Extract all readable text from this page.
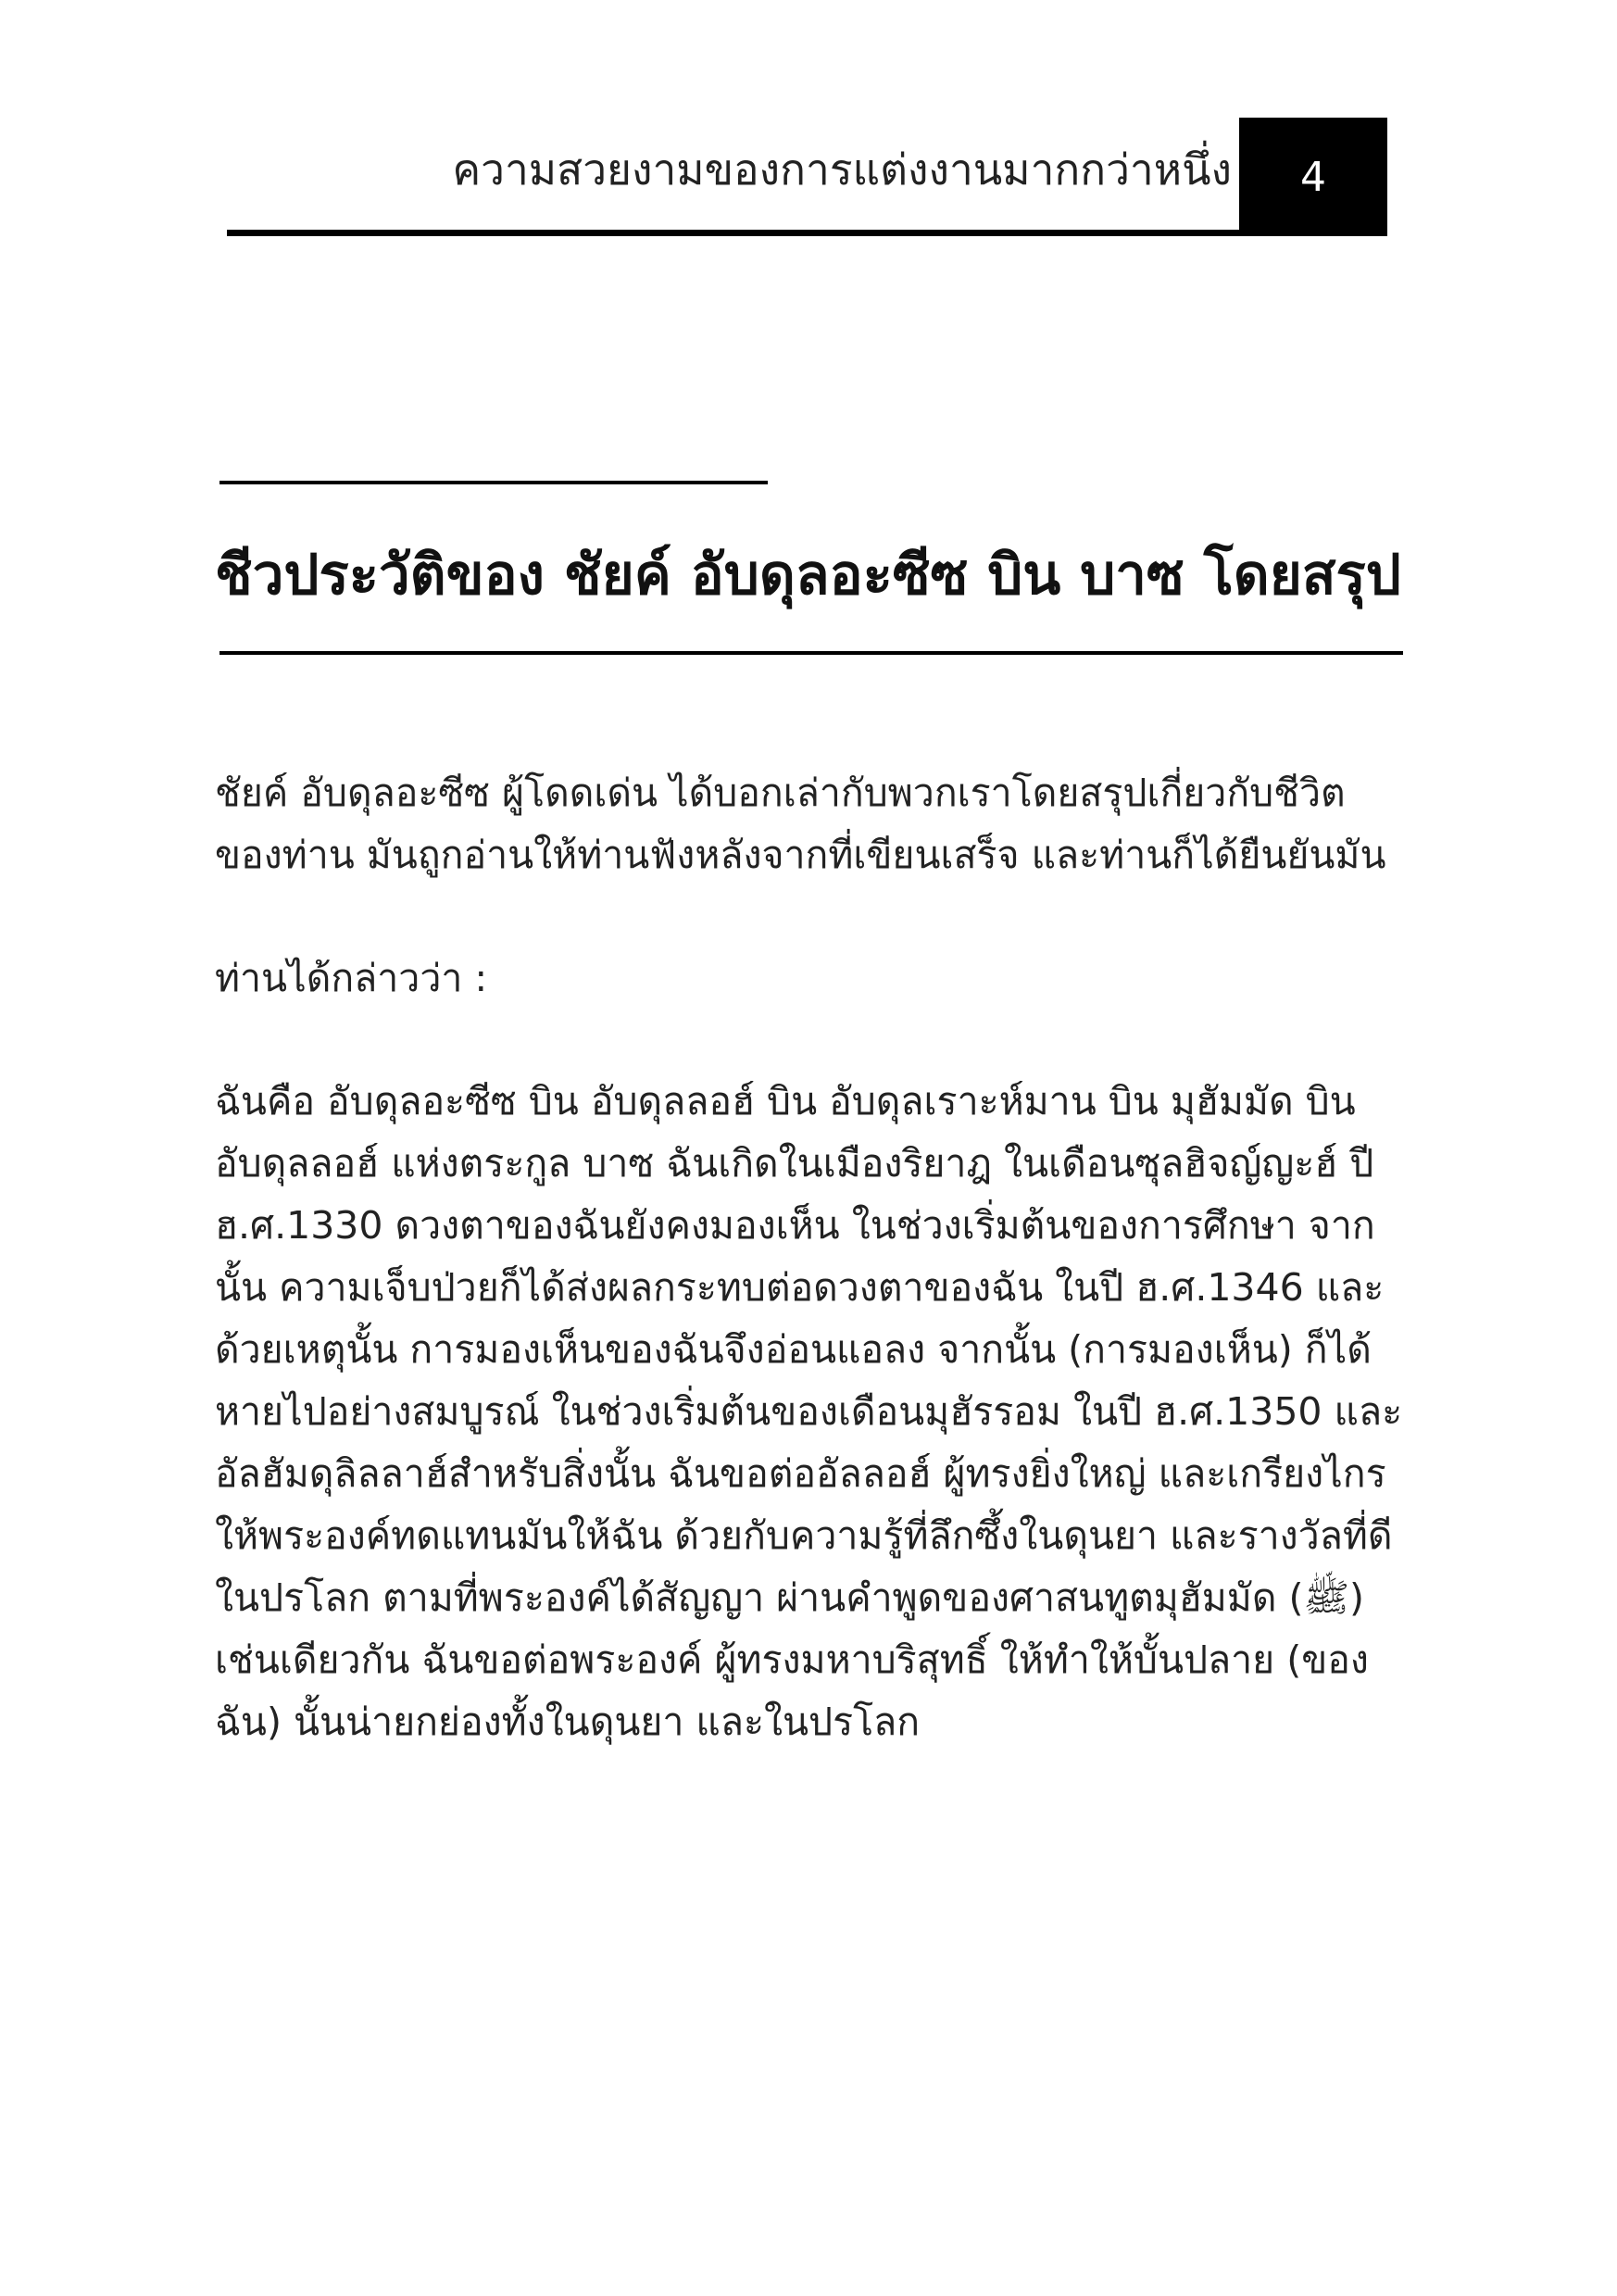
ความสวยงามของการแต่งงานมากกว่าหนึ่ง 4
ชีวประวัติของ ชัยค์ อับดุลอะซีซ บิน บาซ โดยสรุป

ชัยค์ อับดุลอะซีซ ผู้โดดเด่น ได้บอกเล่ากับพวกเราโดยสรุปเกี่ยวกับชีวิตของท่าน มันถูกอ่านให้ท่านฟังหลังจากที่เขียนเสร็จ และท่านก็ได้ยืนยันมัน

ท่านได้กล่าวว่า :

ฉันคือ อับดุลอะซีซ บิน อับดุลลอฮ์ บิน อับดุลเราะห์มาน บิน มุฮัมมัด บิน อับดุลลอฮ์ แห่งตระกูล บาซ ฉันเกิดในเมืองริยาฎ ในเดือนซุลฮิจญ์ญะฮ์ ปี ฮ.ศ.1330 ดวงตาของฉันยังคงมองเห็น ในช่วงเริ่มต้นของการศึกษา จากนั้น ความเจ็บป่วยก็ได้ส่งผลกระทบต่อดวงตาของฉัน ในปี ฮ.ศ.1346 และด้วยเหตุนั้น การมองเห็นของฉันจึงอ่อนแอลง จากนั้น (การมองเห็น) ก็ได้หายไปอย่างสมบูรณ์ ในช่วงเริ่มต้นของเดือนมุฮัรรอม ในปี ฮ.ศ.1350 และอัลฮัมดุลิลลาฮ์สำหรับสิ่งนั้น ฉันขอต่ออัลลอฮ์ ผู้ทรงยิ่งใหญ่ และเกรียงไกร ให้พระองค์ทดแทนมันให้ฉัน ด้วยกับความรู้ที่ลึกซึ้งในดุนยา และรางวัลที่ดีในปรโลก ตามที่พระองค์ได้สัญญา ผ่านคำพูดของศาสนทูตมุฮัมมัด (ﷺ) เช่นเดียวกัน ฉันขอต่อพระองค์ ผู้ทรงมหาบริสุทธิ์ ให้ทำให้บั้นปลาย (ของฉัน) นั้นน่ายกย่องทั้งในดุนยา และในปรโลก
